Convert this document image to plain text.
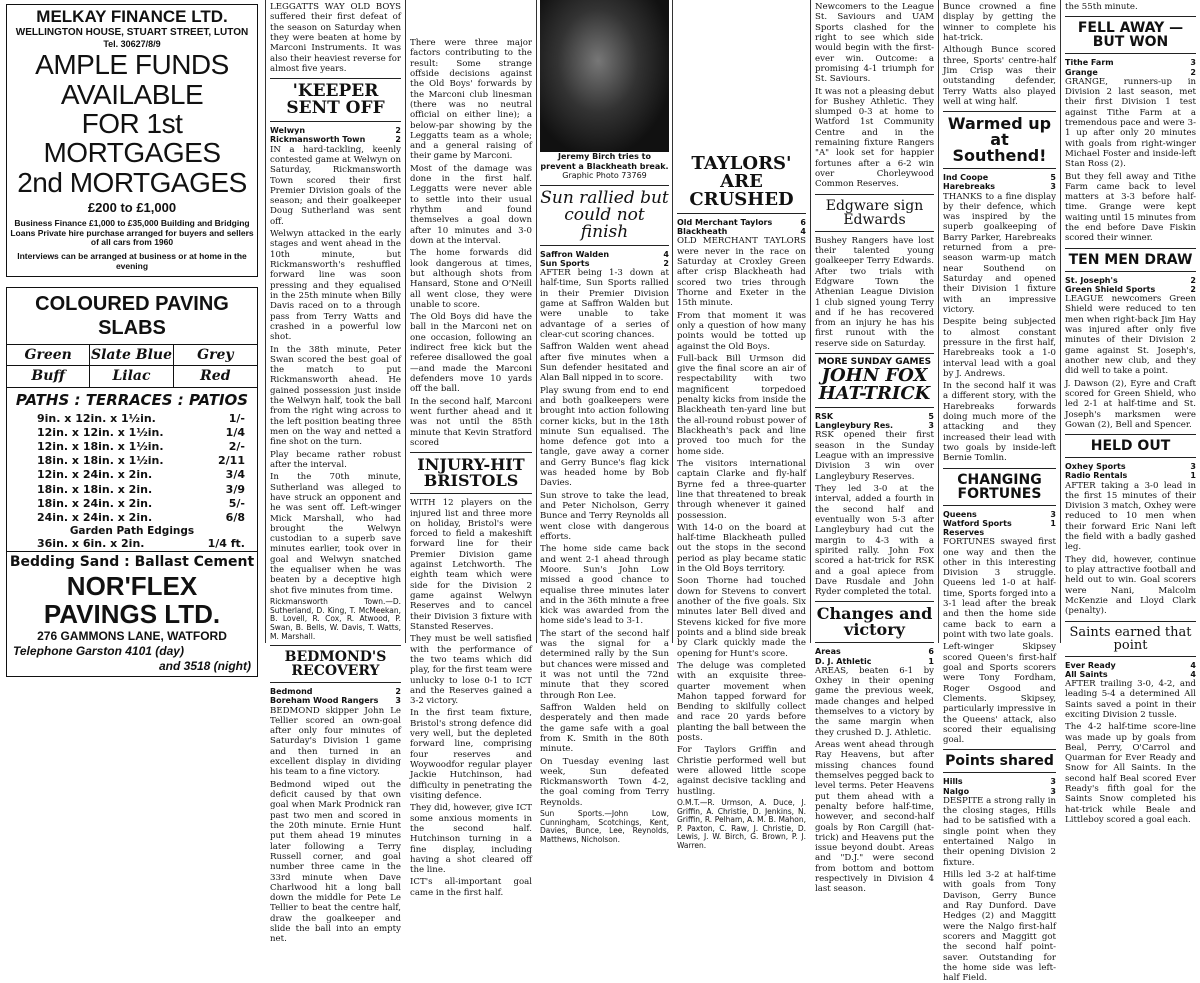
MELKAY FINANCE LTD.
WELLINGTON HOUSE, STUART STREET, LUTON
Tel. 30627/8/9
AMPLE FUNDS AVAILABLE
FOR 1st MORTGAGES
2nd MORTGAGES
£200 to £1,000
Business Finance £1,000 to £35,000 Building and Bridging Loans Private hire purchase arranged for buyers and sellers of all cars from 1960
Interviews can be arranged at business or at home in the evening
COLOURED PAVING SLABS
Green	Slate Blue	Grey
Buff	Lilac	Red
PATHS : TERRACES : PATIOS
9in. x 12in. x 1½in.	1/-
12in. x 12in. x 1½in.	1/4
12in. x 18in. x 1½in.	2/-
18in. x 18in. x 1½in.	2/11
12in. x 24in. x 2in.	3/4
18in. x 18in. x 2in.	3/9
18in. x 24in. x 2in.	5/-
24in. x 24in. x 2in.	6/8
Garden Path Edgings
36in. x 6in. x 2in.	1/4 ft.
Bedding Sand : Ballast Cement
NOR'FLEX PAVINGS LTD.
276 GAMMONS LANE, WATFORD
Telephone Garston 4101 (day)
and 3518 (night)

LEGGATTS WAY OLD BOYS suffered their first defeat of the season on Saturday when they were beaten at home by Marconi Instruments. It was also their heaviest reverse for almost five years.

'KEEPER SENT OFF
Welwyn	2
Rickmansworth Town	2

IN a hard-tackling, keenly contested game at Welwyn on Saturday, Rickmansworth Town scored their first Premier Division goals of the season; and their goalkeeper Doug Sutherland was sent off.

Welwyn attacked in the early stages and went ahead in the 10th minute, but Rickmansworth's reshuffled forward line was soon pressing and they equalised in the 25th minute when Billy Davis raced on to a through pass from Terry Watts and crashed in a powerful low shot.

In the 38th minute, Peter Swan scored the best goal of the match to put Rickmansworth ahead. He gained possession just inside the Welwyn half, took the ball from the right wing across to the left position beating three men on the way and netted a fine shot on the turn.

Play became rather robust after the interval.

In the 70th minute, Sutherland was alleged to have struck an opponent and he was sent off. Left-winger Mick Marshall, who had brought the Welwyn custodian to a superb save minutes earlier, took over in goal and Welwyn snatched the equaliser when he was beaten by a deceptive high shot five minutes from time.

Rickmansworth Town.—D. Sutherland, D. King, T. McMeekan, B. Lovell, R. Cox, R. Atwood, P. Swan, B. Bells, W. Davis, T. Watts, M. Marshall.

BEDMOND'S RECOVERY
Bedmond	2
Boreham Wood Rangers 3

BEDMOND skipper John Le Tellier scored an own-goal after only four minutes of Saturday's Division 1 game and then turned in an excellent display in dividing his team to a fine victory.

Bedmond wiped out the deficit caused by that own goal when Mark Prodnick ran past two men and scored in the 20th minute. Ernie Hunt put them ahead 19 minutes later following a Terry Russell corner, and goal number three came in the 33rd minute when Dave Charlwood hit a long ball down the middle for Pete Le Tellier to beat the centre half, draw the goalkeeper and slide the ball into an empty net.

There were three major factors contributing to the result: Some strange offside decisions against the Old Boys' forwards by the Marconi club linesman (there was no neutral official on either line); a below-par showing by the Leggatts team as a whole; and a general raising of their game by Marconi.

Most of the damage was done in the first half. Leggatts were never able to settle into their usual rhythm and found themselves a goal down after 10 minutes and 3-0 down at the interval.

The home forwards did look dangerous at times, but although shots from Hansard, Stone and O'Neill all went close, they were unable to score.

The Old Boys did have the ball in the Marconi net on one occasion, following an indirect free kick but the referee disallowed the goal—and made the Marconi defenders move 10 yards off the ball.

In the second half, Marconi went further ahead and it was not until the 85th minute that Kevin Stratford scored

INJURY-HIT BRISTOLS

WITH 12 players on the injured list and three more on holiday, Bristol's were forced to field a makeshift forward line for their Premier Division game against Letchworth. The eighth team which were side for the Division 2 game against Welwyn Reserves and to cancel their Division 3 fixture with Stansted Reserves.

They must be well satisfied with the performance of the two teams which did play, for the first team were unlucky to lose 0-1 to ICT and the Reserves gained a 3-2 victory.

In the first team fixture, Bristol's strong defence did very well, but the depleted forward line, comprising four reserves and Woywoodfor regular player Jackie Hutchinson, had difficulty in penetrating the visiting defence.

They did, however, give ICT some anxious moments in the second half. Hutchinson turning in a fine display, including having a shot cleared off the line.

ICT's all-important goal came in the first half.

Jeremy Birch tries to prevent a Blackheath break.
Graphic Photo 73769
Sun rallied but could not finish
Saffron Walden	4
Sun Sports	2

AFTER being 1-3 down at half-time, Sun Sports rallied in their Premier Division game at Saffron Walden but were unable to take advantage of a series of clear-cut scoring chances.

Saffron Walden went ahead after five minutes when a Sun defender hesitated and Alan Ball nipped in to score.

Play swung from end to end and both goalkeepers were brought into action following corner kicks, but in the 18th minute Sun equalised. The home defence got into a tangle, gave away a corner and Gerry Bunce's flag kick was headed home by Bob Davies.

Sun strove to take the lead, and Peter Nicholson, Gerry Bunce and Terry Reynolds all went close with dangerous efforts.

The home side came back and went 2-1 ahead through Moore. Sun's John Low missed a good chance to equalise three minutes later and in the 36th minute a free kick was awarded from the home side's lead to 3-1.

The start of the second half was the signal for a determined rally by the Sun but chances were missed and it was not until the 72nd minute that they scored through Ron Lee.

Saffron Walden held on desperately and then made the game safe with a goal from K. Smith in the 80th minute.

On Tuesday evening last week, Sun defeated Rickmansworth Town 4-2, the goal coming from Terry Reynolds.

Sun Sports.—John Low, Cunningham, Scotchings, Kent, Davies, Bunce, Lee, Reynolds, Matthews, Nicholson.

TAYLORS' ARE CRUSHED
Old Merchant Taylors	6
Blackheath	4

OLD MERCHANT TAYLORS were never in the race on Saturday at Croxley Green after crisp Blackheath had scored two tries through Thorne and Exeter in the 15th minute.

From that moment it was only a question of how many points would be totted up against the Old Boys.

Full-back Bill Urmson did give the final score an air of respectability with two magnificent torpedoed penalty kicks from inside the Blackheath ten-yard line but the all-round robust power of Blackheath's pack and line proved too much for the home side.

The visitors international captain Clarke and fly-half Byrne fed a three-quarter line that threatened to break through whenever it gained possession.

With 14-0 on the board at half-time Blackheath pulled out the stops in the second period as play became static in the Old Boys territory.

Soon Thorne had touched down for Stevens to convert another of the five goals. Six minutes later Bell dived and Stevens kicked for five more points and a blind side break by Clark quickly made the opening for Hunt's score.

The deluge was completed with an exquisite three-quarter movement when Mahon tapped forward for Bending to skilfully collect and race 20 yards before planting the ball between the posts.

For Taylors Griffin and Christie performed well but were allowed little scope against decisive tackling and hustling.

O.M.T.—R. Urmson, A. Duce, J. Griffin, A. Christie, D. Jenkins, N. Griffin, R. Pelham, A. M. B. Mahon, P. Paxton, C. Raw, J. Christie, D. Lewis, J. W. Birch, G. Brown, P. J. Warren.

Newcomers to the League St. Saviours and UAM Sports clashed for the right to see which side would begin with the first-ever win. Outcome: a promising 4-1 triumph for St. Saviours.

It was not a pleasing debut for Bushey Athletic. They slumped 0-3 at home to Watford 1st Community Centre and in the remaining fixture Rangers "A" look set for happier fortunes after a 6-2 win over Chorleywood Common Reserves.

Edgware sign Edwards

Bushey Rangers have lost their talented young goalkeeper Terry Edwards. After two trials with Edgware Town the Athenian League Division 1 club signed young Terry and if he has recovered from an injury he has his first runout with the reserve side on Saturday.

MORE SUNDAY GAMES
JOHN FOX HAT-TRICK
RSK	5
Langleybury Res.	3

RSK opened their first season in the Sunday League with an impressive Division 3 win over Langleybury Reserves.

They led 3-0 at the interval, added a fourth in the second half and eventually won 5-3 after Langleybury had cut the margin to 4-3 with a spirited rally. John Fox scored a hat-trick for RSK and a goal apiece from Dave Rusdale and John Ryder completed the total.

Changes and victory
Areas	6
D. J. Athletic	1

AREAS, beaten 6-1 by Oxhey in their opening game the previous week, made changes and helped themselves to a victory by the same margin when they crushed D. J. Athletic.

Areas went ahead through Ray Heavens, but after missing chances found themselves pegged back to level terms. Peter Heavens put them ahead with a penalty before half-time, however, and second-half goals by Ron Cargill (hat-trick) and Heavens put the issue beyond doubt. Areas and "D.J." were second from bottom and bottom respectively in Division 4 last season.

Bunce crowned a fine display by getting the winner to complete his hat-trick.

Although Bunce scored three, Sports' centre-half Jim Crisp was their outstanding defender, Terry Watts also played well at wing half.

Warmed up at Southend!
Ind Coope	5
Harebreaks	3

THANKS to a fine display by their defence, which was inspired by the superb goalkeeping of Barry Parker, Harebreaks returned from a pre-season warm-up match near Southend on Saturday and opened their Division 1 fixture with an impressive victory.

Despite being subjected to almost constant pressure in the first half, Harebreaks took a 1-0 interval lead with a goal by J. Andrews.

In the second half it was a different story, with the Harebreaks forwards doing much more of the attacking and they increased their lead with two goals by inside-left Bernie Tomlin.

CHANGING FORTUNES
Queens	3
Watford Sports Reserves
1

FORTUNES swayed first one way and then the other in this interesting Division 3 struggle. Queens led 1-0 at half-time, Sports forged into a 3-1 lead after the break and then the home side came back to earn a point with two late goals.

Left-winger Skipsey scored Queen's first-half goal and Sports scorers were Tony Fordham, Roger Osgood and Clements. Skipsey, particularly impressive in the Queens' attack, also scored their equalising goal.

Points shared
Hills	3
Nalgo	3

DESPITE a strong rally in the closing stages, Hills had to be satisfied with a single point when they entertained Nalgo in their opening Division 2 fixture.

Hills led 3-2 at half-time with goals from Tony Davison, Gerry Bunce and Ray Dunford. Dave Hedges (2) and Maggitt were the Nalgo first-half scorers and Maggitt got the second half point-saver. Outstanding for the home side was left-half Field.

the 55th minute.

FELL AWAY —BUT WON
Tithe Farm	3
Grange	2

GRANGE, runners-up in Division 2 last season, met their first Division 1 test against Tithe Farm at a tremendous pace and were 3-1 up after only 20 minutes with goals from right-winger Michael Foster and inside-left Stan Ross (2).

But they fell away and Tithe Farm came back to level matters at 3-3 before half-time. Grange were kept waiting until 15 minutes from the end before Dave Fiskin scored their winner.

TEN MEN DRAW
St. Joseph's	2
Green Shield Sports	2

LEAGUE newcomers Green Shield were reduced to ten men when right-back Jim Hay was injured after only five minutes of their Division 2 game against St. Joseph's, another new club, and they did well to take a point.

J. Dawson (2), Eyre and Craft scored for Green Shield, who led 2-1 at half-time and St. Joseph's marksmen were Gowan (2), Bell and Spencer.

HELD OUT
Oxhey Sports	3
Radio Rentals	1

AFTER taking a 3-0 lead in the first 15 minutes of their Division 3 match, Oxhey were reduced to 10 men when their forward Eric Nani left the field with a badly gashed leg.

They did, however, continue to play attractive football and held out to win. Goal scorers were Nani, Malcolm McKenzie and Lloyd Clark (penalty).

Saints earned that point
Ever Ready	4
All Saints	4

AFTER trailing 3-0, 4-2, and leading 5-4 a determined All Saints saved a point in their exciting Division 2 tussle.

The 4-2 half-time score-line was made up by goals from Beal, Perry, O'Carrol and Quarman for Ever Ready and Snow for All Saints. In the second half Beal scored Ever Ready's fifth goal for the Saints Snow completed his hat-trick while Beale and Littleboy scored a goal each.
